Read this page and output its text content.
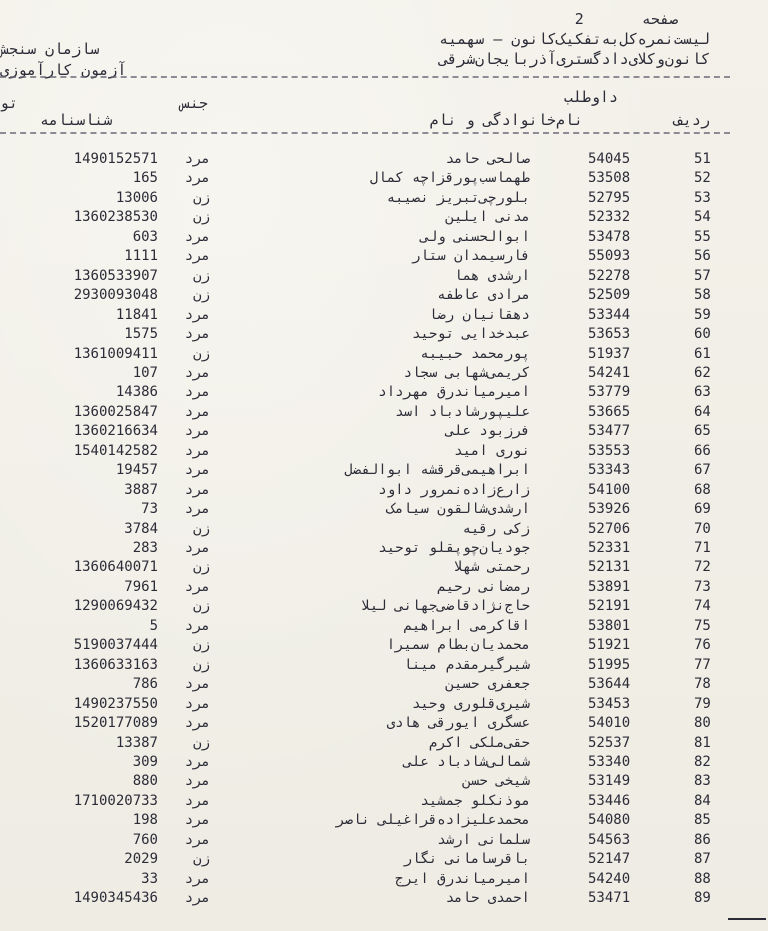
صفحه  2
لیست‌نمره‌کل‌به‌تفکیک‌کانون – سهمیه
کانون‌وکلای‌دادگستری‌آذربایجان‌شرقی
سازمان سنجش
آزمون کارآموزی
داوطلب
جنس
تو
ردیف
نام‌خانوادگی و نام
شناسنامه
51
54045
صالحی حامد
مرد
1490152571
52
53508
طهماسب‌پورقزاچه کمال
مرد
165
53
52795
بلورچی‌تبریز نصیبه
زن
13006
54
52332
مدنی ایلین
زن
1360238530
55
53478
ابوالحسنی ولی
مرد
603
56
55093
فارسیمدان ستار
مرد
1111
57
52278
ارشدی هما
زن
1360533907
58
52509
مرادی عاطفه
زن
2930093048
59
53344
دهقانیان رضا
مرد
11841
60
53653
عبدخدایی توحید
مرد
1575
61
51937
پورمحمد حبیبه
زن
1361009411
62
54241
کریمی‌شهابی سجاد
مرد
107
63
53779
امیرمیاندرق مهرداد
مرد
14386
64
53665
علیپورشادباد اسد
مرد
1360025847
65
53477
فرزبود علی
مرد
1360216634
66
53553
نوری امید
مرد
1540142582
67
53343
ابراهیمی‌قرقشه ابوالفضل
مرد
19457
68
54100
زارع‌زاده‌نمرور داود
مرد
3887
69
53926
ارشدی‌شالقون سیامک
مرد
73
70
52706
زکی رقیه
زن
3784
71
52331
جودیان‌چوپقلو توحید
مرد
283
72
52131
رحمتی شهلا
زن
1360640071
73
53891
رمضانی رحیم
مرد
7961
74
52191
حاج‌نژادقاضی‌جهانی لیلا
زن
1290069432
75
53801
اقاکرمی ابراهیم
مرد
5
76
51921
محمدیان‌بطام سمیرا
زن
5190037444
77
51995
شیرگیرمقدم مینا
زن
1360633163
78
53644
جعفری حسین
مرد
786
79
53453
شیری‌قلوری وحید
مرد
1490237550
80
54010
عسگری ایورقی هادی
مرد
1520177089
81
52537
حقی‌ملکی اکرم
زن
13387
82
53340
شمالی‌شادباد علی
مرد
309
83
53149
شیخی حسن
مرد
880
84
53446
موذنکلو جمشید
مرد
1710020733
85
54080
محمدعلیزاده‌قراغیلی ناصر
مرد
198
86
54563
سلمانی ارشد
مرد
760
87
52147
باقرسامانی نگار
زن
2029
88
54240
امیرمیاندرق ایرج
مرد
33
89
53471
احمدی حامد
مرد
1490345436
